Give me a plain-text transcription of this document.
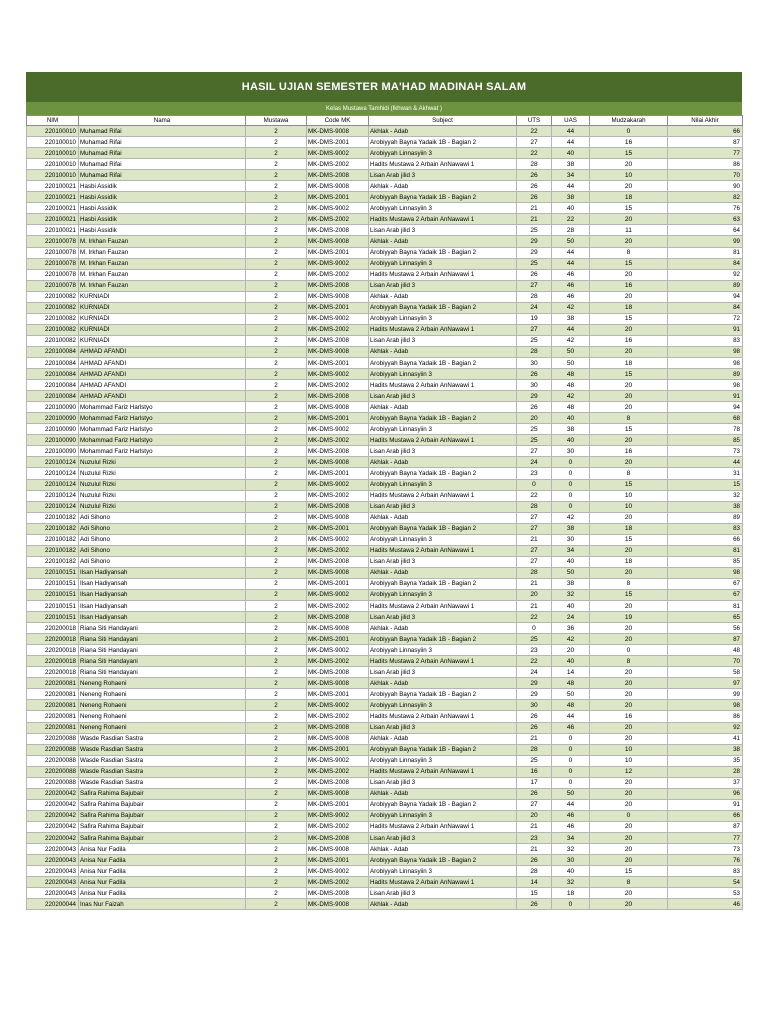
HASIL UJIAN SEMESTER MA'HAD MADINAH SALAM
Kelas Mustawa Tamhidi (Ikhwan & Akhwat )
NIM	Nama	Mustawa	Code MK	Subject	UTS	UAS	Mudzakarah	Nilai Akhir
220100010	Muhamad Rifai	2	MK-DMS-9008	Akhlak - Adab	22	44	0	66
220100010	Muhamad Rifai	2	MK-DMS-2001	Arobiyyah Bayna Yadaik 1B - Bagian 2	27	44	16	87
220100010	Muhamad Rifai	2	MK-DMS-9002	Arobiyyah Linnasyiin 3	22	40	15	77
220100010	Muhamad Rifai	2	MK-DMS-2002	Hadits Mustawa 2 Arbain AnNawawi 1	28	38	20	86
220100010	Muhamad Rifai	2	MK-DMS-2008	Lisan Arab jilid 3	26	34	10	70
220100021	Hasbi Assidik	2	MK-DMS-9008	Akhlak - Adab	26	44	20	90
220100021	Hasbi Assidik	2	MK-DMS-2001	Arobiyyah Bayna Yadaik 1B - Bagian 2	26	38	18	82
220100021	Hasbi Assidik	2	MK-DMS-9002	Arobiyyah Linnasyiin 3	21	40	15	76
220100021	Hasbi Assidik	2	MK-DMS-2002	Hadits Mustawa 2 Arbain AnNawawi 1	21	22	20	63
220100021	Hasbi Assidik	2	MK-DMS-2008	Lisan Arab jilid 3	25	28	11	64
220100078	M. Irkhan Fauzan	2	MK-DMS-9008	Akhlak - Adab	29	50	20	99
220100078	M. Irkhan Fauzan	2	MK-DMS-2001	Arobiyyah Bayna Yadaik 1B - Bagian 2	29	44	8	81
220100078	M. Irkhan Fauzan	2	MK-DMS-9002	Arobiyyah Linnasyiin 3	25	44	15	84
220100078	M. Irkhan Fauzan	2	MK-DMS-2002	Hadits Mustawa 2 Arbain AnNawawi 1	26	46	20	92
220100078	M. Irkhan Fauzan	2	MK-DMS-2008	Lisan Arab jilid 3	27	46	16	89
220100082	KURNIADI	2	MK-DMS-9008	Akhlak - Adab	28	46	20	94
220100082	KURNIADI	2	MK-DMS-2001	Arobiyyah Bayna Yadaik 1B - Bagian 2	24	42	18	84
220100082	KURNIADI	2	MK-DMS-9002	Arobiyyah Linnasyiin 3	19	38	15	72
220100082	KURNIADI	2	MK-DMS-2002	Hadits Mustawa 2 Arbain AnNawawi 1	27	44	20	91
220100082	KURNIADI	2	MK-DMS-2008	Lisan Arab jilid 3	25	42	16	83
220100084	AHMAD AFANDI	2	MK-DMS-9008	Akhlak - Adab	28	50	20	98
220100084	AHMAD AFANDI	2	MK-DMS-2001	Arobiyyah Bayna Yadaik 1B - Bagian 2	30	50	18	98
220100084	AHMAD AFANDI	2	MK-DMS-9002	Arobiyyah Linnasyiin 3	26	48	15	89
220100084	AHMAD AFANDI	2	MK-DMS-2002	Hadits Mustawa 2 Arbain AnNawawi 1	30	48	20	98
220100084	AHMAD AFANDI	2	MK-DMS-2008	Lisan Arab jilid 3	29	42	20	91
220100090	Mohammad Fariz Harlstyo	2	MK-DMS-9008	Akhlak - Adab	26	48	20	94
220100090	Mohammad Fariz Harlstyo	2	MK-DMS-2001	Arobiyyah Bayna Yadaik 1B - Bagian 2	20	40	8	68
220100090	Mohammad Fariz Harlstyo	2	MK-DMS-9002	Arobiyyah Linnasyiin 3	25	38	15	78
220100090	Mohammad Fariz Harlstyo	2	MK-DMS-2002	Hadits Mustawa 2 Arbain AnNawawi 1	25	40	20	85
220100090	Mohammad Fariz Harlstyo	2	MK-DMS-2008	Lisan Arab jilid 3	27	30	16	73
220100124	Nuzulul Rizki	2	MK-DMS-9008	Akhlak - Adab	24	0	20	44
220100124	Nuzulul Rizki	2	MK-DMS-2001	Arobiyyah Bayna Yadaik 1B - Bagian 2	23	0	8	31
220100124	Nuzulul Rizki	2	MK-DMS-9002	Arobiyyah Linnasyiin 3	0	0	15	15
220100124	Nuzulul Rizki	2	MK-DMS-2002	Hadits Mustawa 2 Arbain AnNawawi 1	22	0	10	32
220100124	Nuzulul Rizki	2	MK-DMS-2008	Lisan Arab jilid 3	28	0	10	38
220100182	Adi Sihono	2	MK-DMS-9008	Akhlak - Adab	27	42	20	89
220100182	Adi Sihono	2	MK-DMS-2001	Arobiyyah Bayna Yadaik 1B - Bagian 2	27	38	18	83
220100182	Adi Sihono	2	MK-DMS-9002	Arobiyyah Linnasyiin 3	21	30	15	66
220100182	Adi Sihono	2	MK-DMS-2002	Hadits Mustawa 2 Arbain AnNawawi 1	27	34	20	81
220100182	Adi Sihono	2	MK-DMS-2008	Lisan Arab jilid 3	27	40	18	85
220100151	Ilsan Hadiyansah	2	MK-DMS-9008	Akhlak - Adab	28	50	20	98
220100151	Ilsan Hadiyansah	2	MK-DMS-2001	Arobiyyah Bayna Yadaik 1B - Bagian 2	21	38	8	67
220100151	Ilsan Hadiyansah	2	MK-DMS-9002	Arobiyyah Linnasyiin 3	20	32	15	67
220100151	Ilsan Hadiyansah	2	MK-DMS-2002	Hadits Mustawa 2 Arbain AnNawawi 1	21	40	20	81
220100151	Ilsan Hadiyansah	2	MK-DMS-2008	Lisan Arab jilid 3	22	24	19	65
220200018	Riana Siti Handayani	2	MK-DMS-9008	Akhlak - Adab	0	36	20	56
220200018	Riana Siti Handayani	2	MK-DMS-2001	Arobiyyah Bayna Yadaik 1B - Bagian 2	25	42	20	87
220200018	Riana Siti Handayani	2	MK-DMS-9002	Arobiyyah Linnasyiin 3	23	20	0	48
220200018	Riana Siti Handayani	2	MK-DMS-2002	Hadits Mustawa 2 Arbain AnNawawi 1	22	40	8	70
220200018	Riana Siti Handayani	2	MK-DMS-2008	Lisan Arab jilid 3	24	14	20	58
220200081	Neneng Rohaeni	2	MK-DMS-9008	Akhlak - Adab	29	48	20	97
220200081	Neneng Rohaeni	2	MK-DMS-2001	Arobiyyah Bayna Yadaik 1B - Bagian 2	29	50	20	99
220200081	Neneng Rohaeni	2	MK-DMS-9002	Arobiyyah Linnasyiin 3	30	48	20	98
220200081	Neneng Rohaeni	2	MK-DMS-2002	Hadits Mustawa 2 Arbain AnNawawi 1	26	44	16	86
220200081	Neneng Rohaeni	2	MK-DMS-2008	Lisan Arab jilid 3	26	46	20	92
220200088	Wasde Rasdian Sastra	2	MK-DMS-9008	Akhlak - Adab	21	0	20	41
220200088	Wasde Rasdian Sastra	2	MK-DMS-2001	Arobiyyah Bayna Yadaik 1B - Bagian 2	28	0	10	38
220200088	Wasde Rasdian Sastra	2	MK-DMS-9002	Arobiyyah Linnasyiin 3	25	0	10	35
220200088	Wasde Rasdian Sastra	2	MK-DMS-2002	Hadits Mustawa 2 Arbain AnNawawi 1	16	0	12	28
220200088	Wasde Rasdian Sastra	2	MK-DMS-2008	Lisan Arab jilid 3	17	0	20	37
220200042	Safira Rahima Bajubair	2	MK-DMS-9008	Akhlak - Adab	26	50	20	96
220200042	Safira Rahima Bajubair	2	MK-DMS-2001	Arobiyyah Bayna Yadaik 1B - Bagian 2	27	44	20	91
220200042	Safira Rahima Bajubair	2	MK-DMS-9002	Arobiyyah Linnasyiin 3	20	46	0	66
220200042	Safira Rahima Bajubair	2	MK-DMS-2002	Hadits Mustawa 2 Arbain AnNawawi 1	21	46	20	87
220200042	Safira Rahima Bajubair	2	MK-DMS-2008	Lisan Arab jilid 3	23	34	20	77
220200043	Anisa Nur Fadila	2	MK-DMS-9008	Akhlak - Adab	21	32	20	73
220200043	Anisa Nur Fadila	2	MK-DMS-2001	Arobiyyah Bayna Yadaik 1B - Bagian 2	26	30	20	76
220200043	Anisa Nur Fadila	2	MK-DMS-9002	Arobiyyah Linnasyiin 3	28	40	15	83
220200043	Anisa Nur Fadila	2	MK-DMS-2002	Hadits Mustawa 2 Arbain AnNawawi 1	14	32	8	54
220200043	Anisa Nur Fadila	2	MK-DMS-2008	Lisan Arab jilid 3	15	18	20	53
220200044	Inas Nur Faizah	2	MK-DMS-9008	Akhlak - Adab	26	0	20	46
